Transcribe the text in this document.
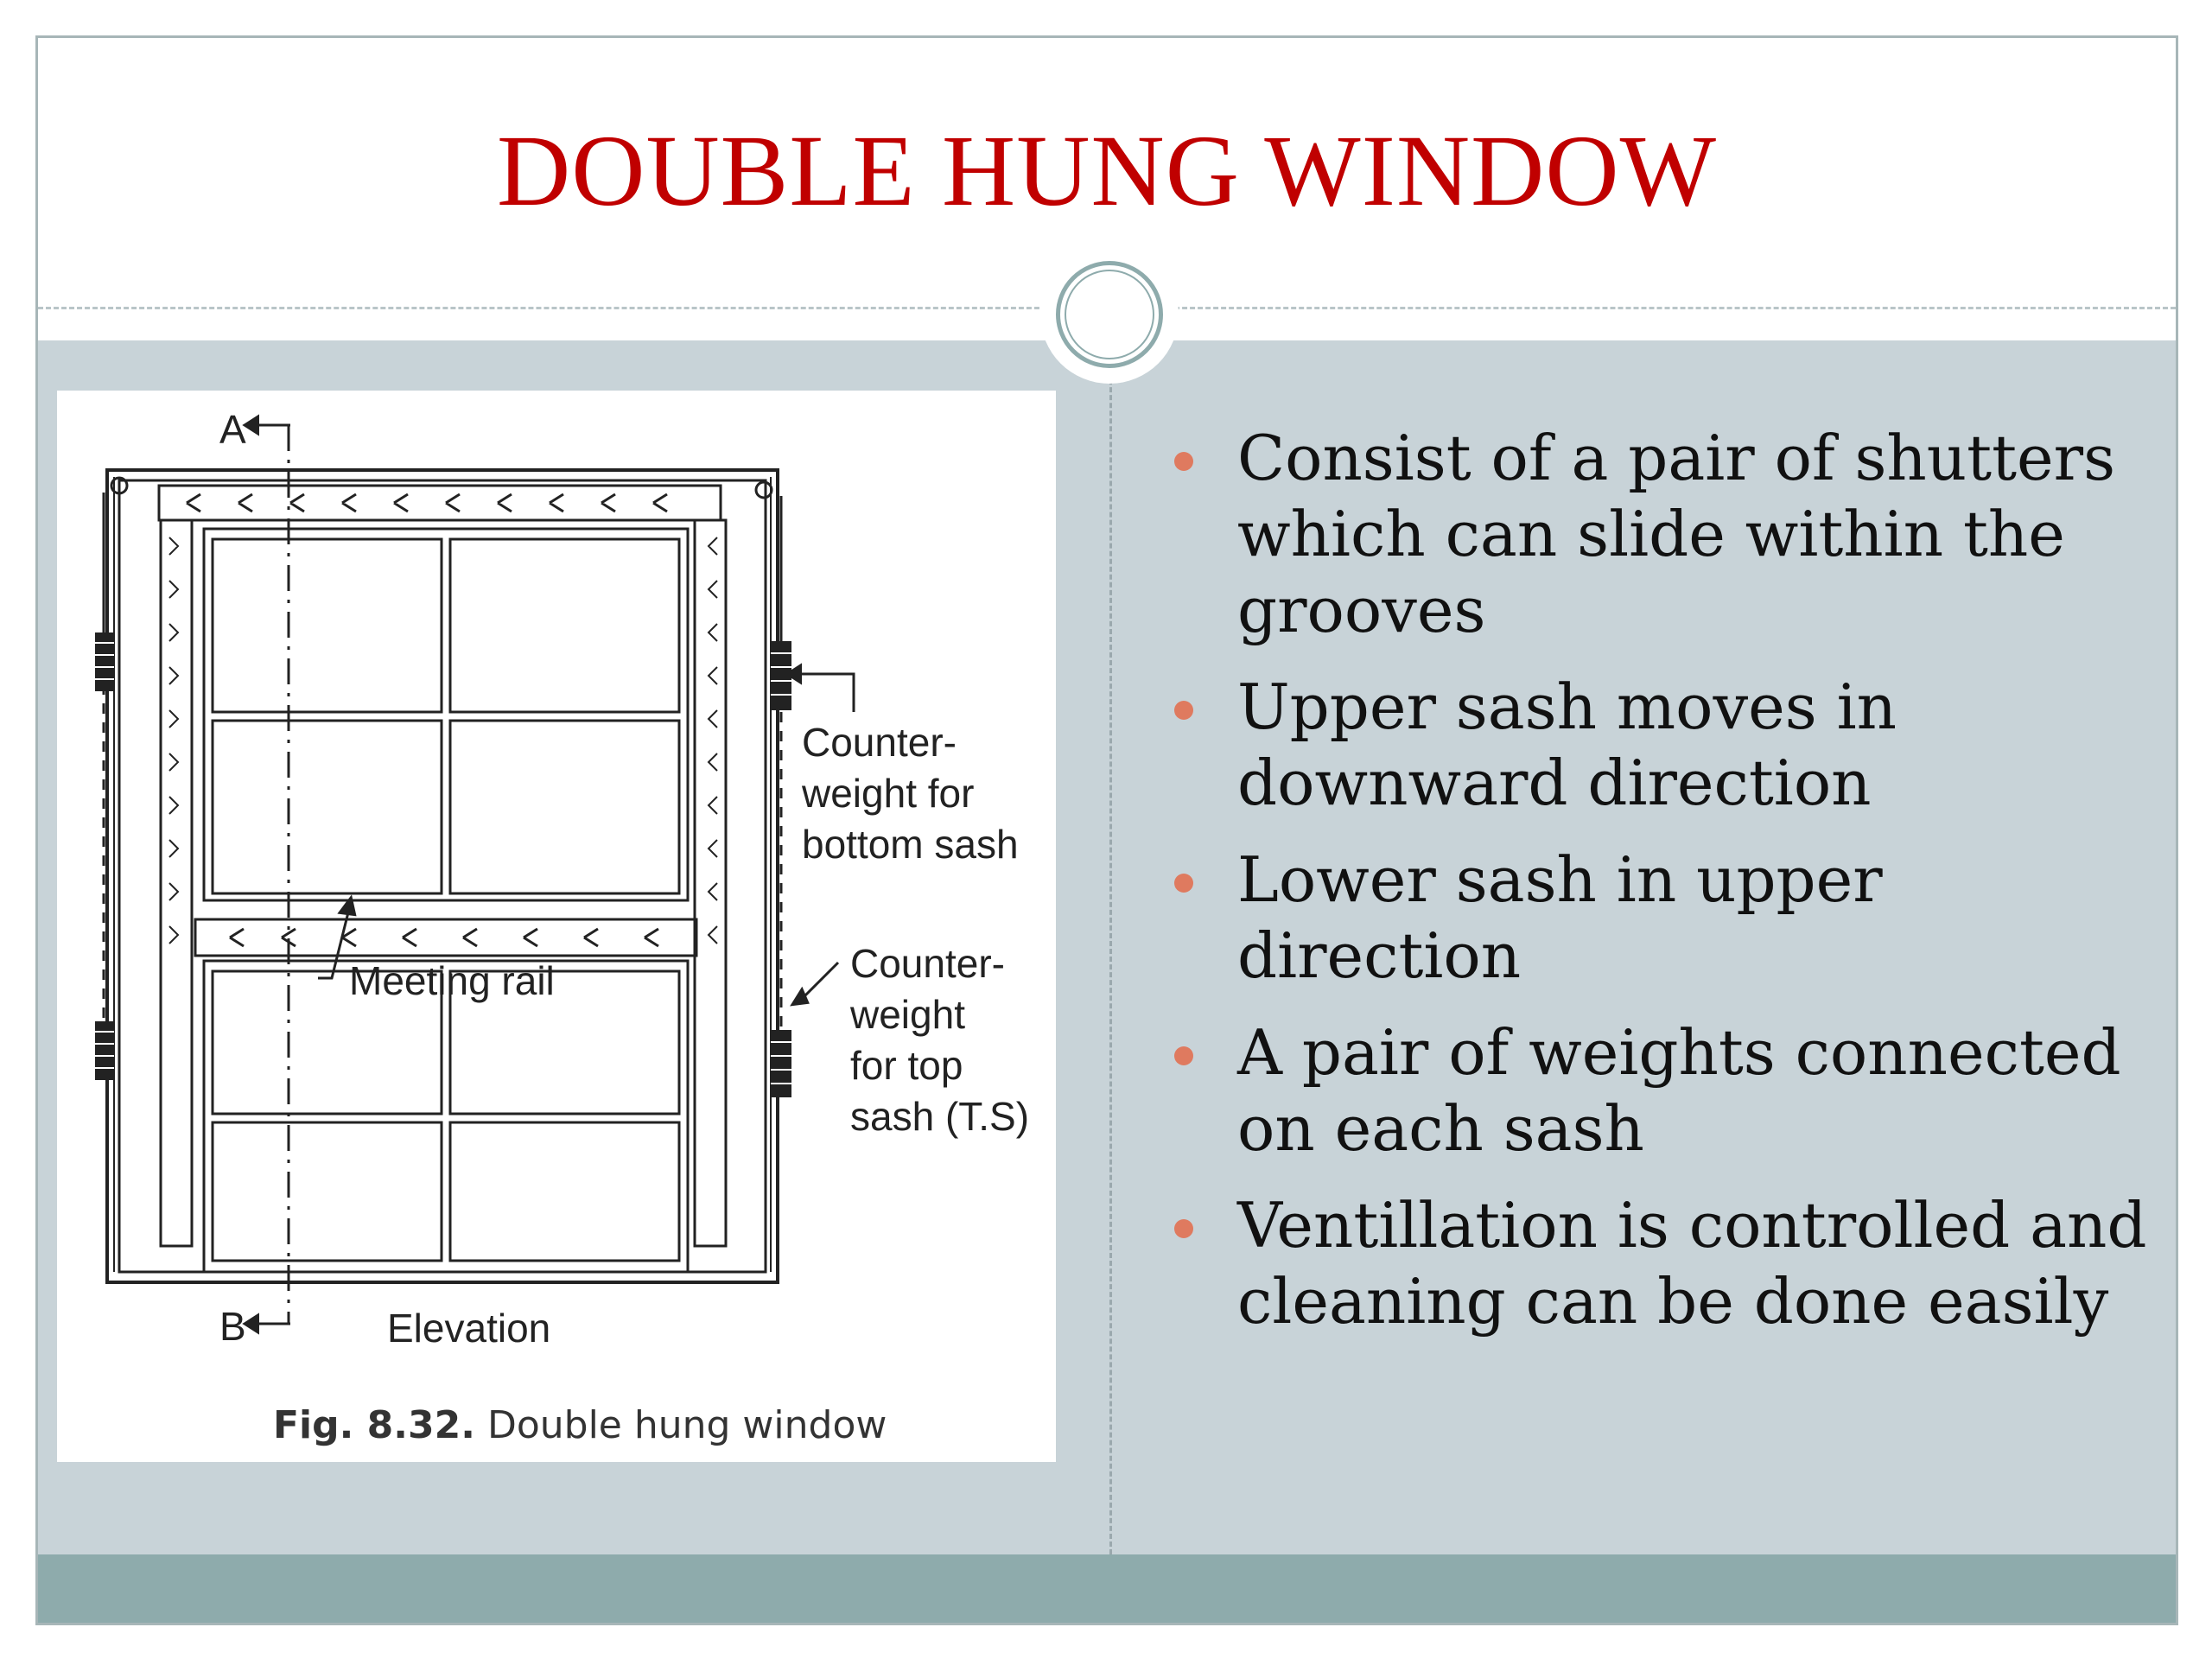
DOUBLE HUNG WINDOW
A
B
Counter-
weight for
bottom sash
Meeting rail	Counter-
weight
for top
sash (T.S)
Elevation
Fig. 8.32. Double hung window
Consist of a pair of shutters which can slide within the grooves
Upper sash moves in downward direction
Lower sash in upper direction
A pair of weights connected on each sash
Ventillation is controlled and cleaning can be done easily
